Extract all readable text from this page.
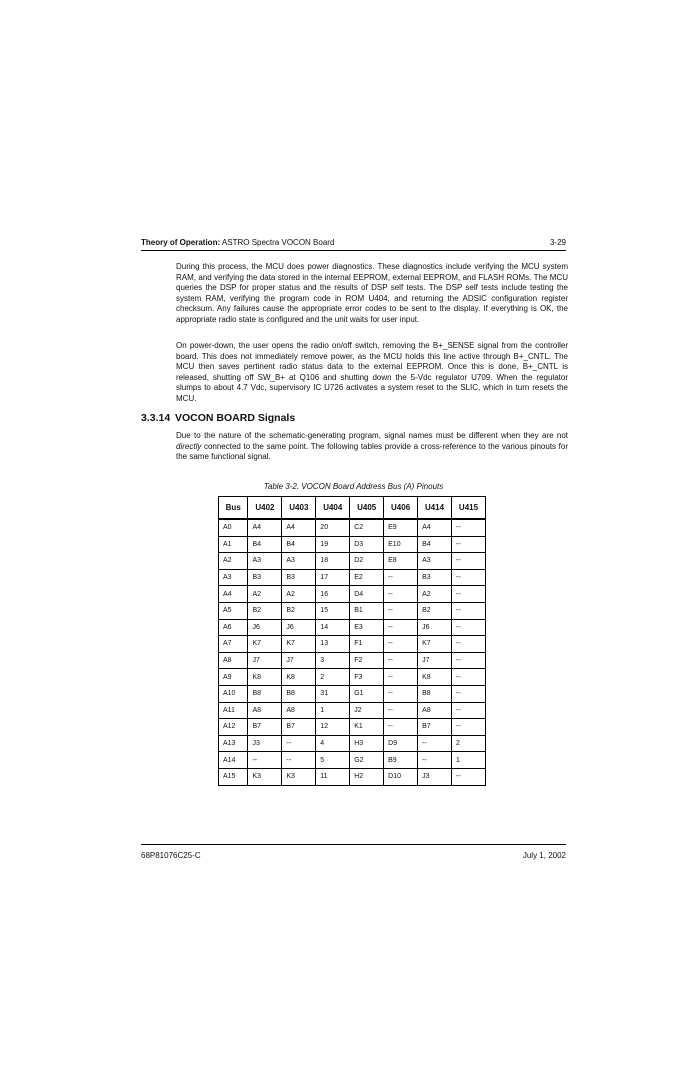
Theory of Operation: ASTRO Spectra VOCON Board	3-29

During this process, the MCU does power diagnostics. These diagnostics include verifying the MCU system RAM, and verifying the data stored in the internal EEPROM, external EEPROM, and FLASH ROMs. The MCU queries the DSP for proper status and the results of DSP self tests. The DSP self tests include testing the system RAM, verifying the program code in ROM U404, and returning the ADSIC configuration register checksum. Any failures cause the appropriate error codes to be sent to the display. If everything is OK, the appropriate radio state is configured and the unit waits for user input.

On power-down, the user opens the radio on/off switch, removing the B+_SENSE signal from the controller board. This does not immediately remove power, as the MCU holds this line active through B+_CNTL. The MCU then saves pertinent radio status data to the external EEPROM. Once this is done, B+_CNTL is released, shutting off SW_B+ at Q106 and shutting down the 5-Vdc regulator U709. When the regulator slumps to about 4.7 Vdc, supervisory IC U726 activates a system reset to the SLIC, which in turn resets the MCU.

3.3.14 VOCON BOARD Signals

Due to the nature of the schematic-generating program, signal names must be different when they are not directly connected to the same point. The following tables provide a cross-reference to the various pinouts for the same functional signal.

Table 3-2. VOCON Board Address Bus (A) Pinouts
Bus	U402	U403	U404	U405	U406	U414	U415
A0	A4	A4	20	C2	E9	A4	--
A1	B4	B4	19	D3	E10	B4	--
A2	A3	A3	18	D2	E8	A3	--
A3	B3	B3	17	E2	--	B3	--
A4	A2	A2	16	D4	--	A2	--
A5	B2	B2	15	B1	--	B2	--
A6	J6	J6	14	E3	--	J6	--
A7	K7	K7	13	F1	--	K7	--
A8	J7	J7	3	F2	--	J7	--
A9	K8	K8	2	F3	--	K8	--
A10	B8	B8	31	G1	--	B8	--
A11	A8	A8	1	J2	--	A8	--
A12	B7	B7	12	K1	--	B7	--
A13	J3	--	4	H3	D9	--	2
A14	--	--	5	G2	B9	--	1
A15	K3	K3	11	H2	D10	J3	--
68P81076C25-C	July 1, 2002
